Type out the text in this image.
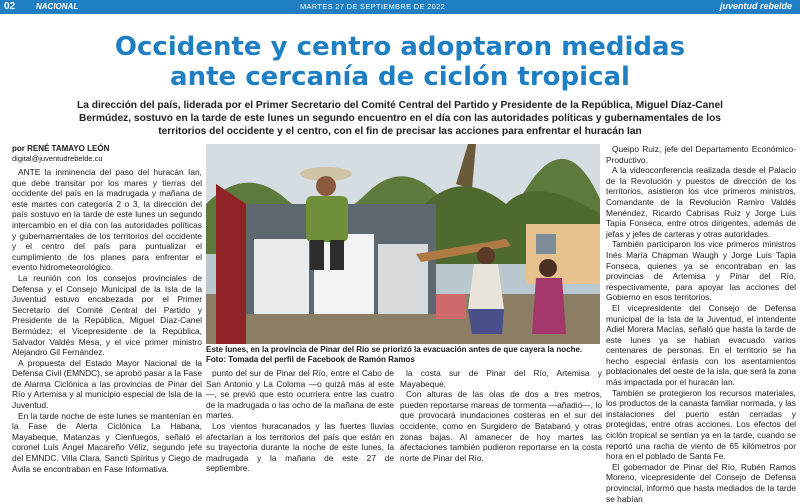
02	NACIONAL	MARTES 27 DE SEPTIEMBRE DE 2022	juventud rebelde
Occidente y centro adoptaron medidas
ante cercanía de ciclón tropical
La dirección del país, liderada por el Primer Secretario del Comité Central del Partido y Presidente de la República, Miguel Díaz-Canel Bermúdez, sostuvo en la tarde de este lunes un segundo encuentro en el día con las autoridades políticas y gubernamentales de los territorios del occidente y el centro, con el fin de precisar las acciones para enfrentar el huracán Ian
por RENÉ TAMAYO LEÓN
digital@juventudrebelde.cu

ANTE la inminencia del paso del huracán Ian, que debe transitar por los mares y tierras del occidente del país en la madrugada y mañana de este martes con categoría 2 o 3, la dirección del país sostuvo en la tarde de este lunes un segundo intercambio en el día con las autoridades políticas y gubernamentales de los territorios del occidente y el centro del país para puntualizar el cumplimiento de los planes para enfrentar el evento hidrometeorológico.

La reunión con los consejos provinciales de Defensa y el Consejo Municipal de la Isla de la Juventud estuvo encabezada por el Primer Secretario del Comité Central del Partido y Presidente de la República, Miguel Díaz-Canel Bermúdez; el Vicepresidente de la República, Salvador Valdés Mesa, y el vice primer ministro Alejandro Gil Fernández.

A propuesta del Estado Mayor Nacional de la Defensa Civil (EMNDC), se aprobó pasar a la Fase de Alarma Ciclónica a las provincias de Pinar del Río y Artemisa y al municipio especial de Isla de la Juventud.

En la tarde noche de este lunes se mantenían en la Fase de Alerta Ciclónica La Habana, Mayabeque, Matanzas y Cienfuegos, señaló el coronel Luis Ángel Macareño Véliz, segundo jefe del EMNDC. Villa Clara, Sancti Spíritus y Ciego de Ávila se encontraban en Fase Informativa.

Este lunes, en la provincia de Pinar del Río se priorizó la evacuación antes de que cayera la noche. Foto: Tomada del perfil de Facebook de Ramón Ramos

punto del sur de Pinar del Río, entre el Cabo de San Antonio y La Coloma —o quizá más al este—, se previó que esto ocurriera entre las cuatro de la madrugada o las ocho de la mañana de este martes.

Los vientos huracanados y las fuertes lluvias afectarían a los territorios del país que están en su trayectoria durante la noche de este lunes, la madrugada y la mañana de este 27 de septiembre.

la costa sur de Pinar del Río, Artemisa y Mayabeque.

Con alturas de las olas de dos a tres metros, pueden reportarse mareas de tormenta —añadió—, lo que provocará inundaciones costeras en el sur del occidente, como en Surgidero de Batabanó y otras zonas bajas. Al amanecer de hoy martes las afectaciones también pudieron reportarse en la costa norte de Pinar del Río.

Queipo Ruiz, jefe del Departamento Económico-Productivo.

A la videoconferencia realizada desde el Palacio de la Revolución y puestos de dirección de los territorios, asistieron los vice primeros ministros, Comandante de la Revolución Ramiro Valdés Menéndez, Ricardo Cabrisas Ruiz y Jorge Luis Tapia Fonseca, entre otros dirigentes, además de jefas y jefes de carteras y otras autoridades.

También participaron los vice primeros ministros Inés María Chapman Waugh y Jorge Luis Tapia Fonseca, quienes ya se encontraban en las provincias de Artemisa y Pinar del Río, respectivamente, para apoyar las acciones del Gobierno en esos territorios.

El vicepresidente del Consejo de Defensa municipal de la Isla de la Juventud, el intendente Adiel Morera Macías, señaló que hasta la tarde de este lunes ya se habían evacuado varios centenares de personas. En el territorio se ha hecho especial énfasis con los asentamientos poblacionales del oeste de la isla, que será la zona más impactada por el huracán Ian.

También se protegieron los recursos materiales, los productos de la canasta familiar normada, y las instalaciones del puerto están cerradas y protegidas, entre otras acciones. Los efectos del ciclón tropical se sentían ya en la tarde, cuando se reportó una racha de viento de 65 kilómetros por hora en el poblado de Santa Fe.

El gobernador de Pinar del Río, Rubén Ramos Moreno, vicepresidente del Consejo de Defensa provincial, informó que hasta mediados de la tarde se habían
